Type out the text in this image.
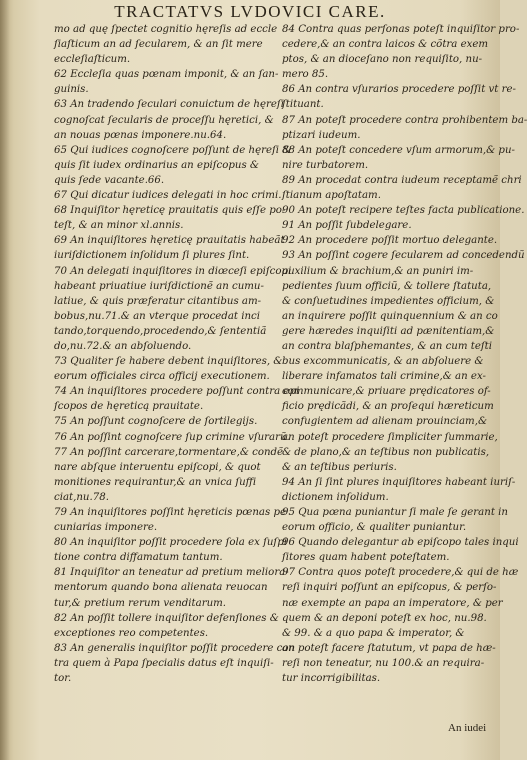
TRACTATVS LVDOVICI CARE.
mo ad quę ſpectet cognitio hęreſis ad eccle
ſiaſticum an ad ſecularem, & an ſit mere
eccleſiaſticum.
62 Eccleſia quas pœnam imponit, & an ſan-
guinis.
63 An tradendo ſeculari conuictum de hęreſi
cognoſcat ſecularis de proceſſu hęretici, &
an nouas pœnas imponere.nu.64.
65 Qui iudices cognoſcere poſſunt de hęreſi &
quis ſit iudex ordinarius an epiſcopus &
quis ſede vacante.66.
67 Qui dicatur iudices delegati in hoc crimi.
68 Inquiſitor hęreticę prauitatis quis eſſe po-
teſt, & an minor xl.annis.
69 An inquiſitores hęreticę prauitatis habeãt
iuriſdictionem inſolidum ſi plures ſint.
70 An delegati inquiſitores in diœceſi epiſcopi
habeant priuatiue iuriſdictionẽ an cumu-
latiue, & quis præferatur citantibus am-
bobus,nu.71.& an vterque procedat inci
tando,torquendo,procedendo,& ſententiã
do,nu.72.& an abſoluendo.
73 Qualiter ſe habere debent inquiſitores, &
eorum officiales circa officij executionem.
74 An inquiſitores procedere poſſunt contra epi
ſcopos de hęreticą prauitate.
75 An poſſunt cognoſcere de ſortilegijs.
76 An poſſint cognoſcere ſup crimine vſurarũ.
77 An poſſint carcerare,tormentare,& condẽ
nare abſque interuentu epiſcopi, & quot
monitiones requirantur,& an vnica ſuffi
ciat,nu.78.
79 An inquiſitores poſſint hęreticis pœnas pe
cuniarias imponere.
80 An inquiſitor poſſit procedere ſola ex ſuſpi
tione contra diffamatum tantum.
81 Inquiſitor an teneatur ad pretium meliora-
mentorum quando bona alienata reuocan
tur,& pretium rerum venditarum.
82 An poſſit tollere inquiſitor defenſiones &
exceptiones reo competentes.
83 An generalis inquiſitor poſſit procedere con
tra quem à Papa ſpecialis datus eſt inquiſi-
tor.
84 Contra quas perſonas poteſt inquiſitor pro-
cedere,& an contra laicos & cõtra exem
ptos, & an dioceſano non requiſito, nu-
mero 85.
86 An contra vſurarios procedere poſſit vt re-
ſtituant.
87 An poteſt procedere contra prohibentem ba-
ptizari iudeum.
88 An poteſt concedere vſum armorum,& pu-
nire turbatorem.
89 An procedat contra iudeum receptamẽ chri
ſtianum apoſtatam.
90 An poteſt recipere teſtes facta publicatione.
91 An poſſit ſubdelegare.
92 An procedere poſſit mortuo delegante.
93 An poſſint cogere ſecularem ad concedendũ
auxilium & brachium,& an puniri im-
pedientes ſuum officiũ, & tollere ſtatuta,
& conſuetudines impedientes officium, &
an inquirere poſſit quinquennium & an co
gere hæredes inquiſiti ad pænitentiam,&
an contra blaſphemantes, & an cum teſti
bus excommunicatis, & an abſoluere &
liberare infamatos tali crimine,& an ex-
communicare,& priuare prędicatores of-
ficio prędicãdi, & an proſequi hæreticum
confugientem ad alienam prouinciam,&
an poteſt procedere ſimpliciter ſummarie,
& de plano,& an teſtibus non publicatis,
& an teſtibus periuris.
94 An ſi ſint plures inquiſitores habeant iuriſ-
dictionem inſolidum.
95 Qua pœna puniantur ſi male ſe gerant in
eorum officio, & qualiter puniantur.
96 Quando delegantur ab epiſcopo tales inqui
ſitores quam habent poteſtatem.
97 Contra quos poteſt procedere,& qui de hæ
reſi inquiri poſſunt an epiſcopus, & perſo-
næ exempte an papa an imperatore, & per
quem & an deponi poteſt ex hoc, nu.98.
& 99. & a quo papa & imperator, &
an poteſt facere ſtatutum, vt papa de hæ-
reſi non teneatur, nu 100.& an requira-
tur incorrigibilitas.
An iudei
